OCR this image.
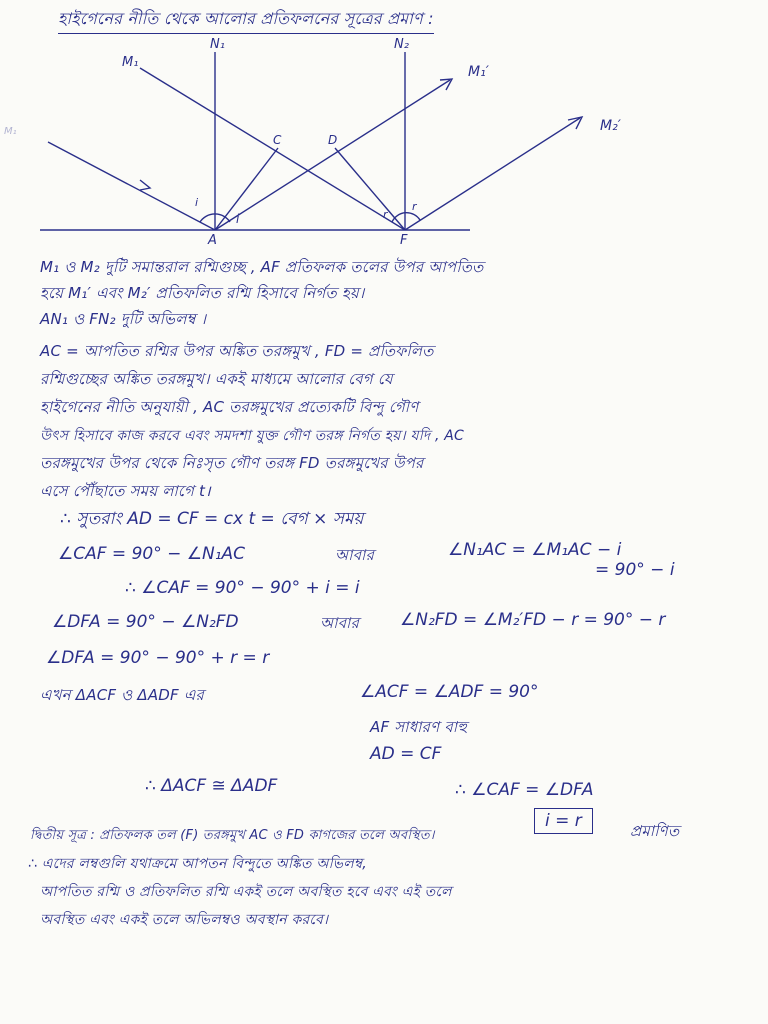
হাইগেনের নীতি থেকে আলোর প্রতিফলনের সূত্রের প্রমাণ :
N₁	N₂
M₁
M₁′
M₂′
M₁
C	D
A	F
i
i	r
r
M₁ ও M₂ দুটি সমান্তরাল রশ্মিগুচ্ছ , AF প্রতিফলক তলের উপর আপতিত
হয়ে M₁′ এবং M₂′ প্রতিফলিত রশ্মি হিসাবে নির্গত হয়।
AN₁ ও FN₂ দুটি অভিলম্ব ।
AC = আপতিত রশ্মির উপর অঙ্কিত তরঙ্গমুখ , FD = প্রতিফলিত
রশ্মিগুচ্ছের অঙ্কিত তরঙ্গমুখ। একই মাধ্যমে আলোর বেগ যে
হাইগেনের নীতি অনুযায়ী , AC তরঙ্গমুখের প্রত্যেকটি বিন্দু গৌণ
উৎস হিসাবে কাজ করবে এবং সমদশা যুক্ত গৌণ তরঙ্গ নির্গত হয়। যদি , AC
তরঙ্গমুখের উপর থেকে নিঃসৃত গৌণ তরঙ্গ FD তরঙ্গমুখের উপর
এসে পৌঁছাতে সময় লাগে t।
∴ সুতরাং AD = CF = cx t = বেগ × সময়
∠CAF = 90° − ∠N₁AC	আবার	∠N₁AC = ∠M₁AC − i
= 90° − i
∴ ∠CAF = 90° − 90° + i = i
∠DFA = 90° − ∠N₂FD	আবার ∠N₂FD = ∠M₂′FD − r = 90° − r
∠DFA = 90° − 90° + r = r
এখন ΔACF ও ΔADF এর	∠ACF = ∠ADF = 90°
AF সাধারণ বাহু
AD = CF
∴ ΔACF ≅ ΔADF	∴ ∠CAF = ∠DFA
i = r	প্রমাণিত
দ্বিতীয় সূত্র : প্রতিফলক তল (F) তরঙ্গমুখ AC ও FD কাগজের তলে অবস্থিত।
∴ এদের লম্বগুলি যথাক্রমে আপতন বিন্দুতে অঙ্কিত অভিলম্ব,
আপতিত রশ্মি ও প্রতিফলিত রশ্মি একই তলে অবস্থিত হবে এবং এই তলে
অবস্থিত এবং একই তলে অভিলম্বও অবস্থান করবে।
